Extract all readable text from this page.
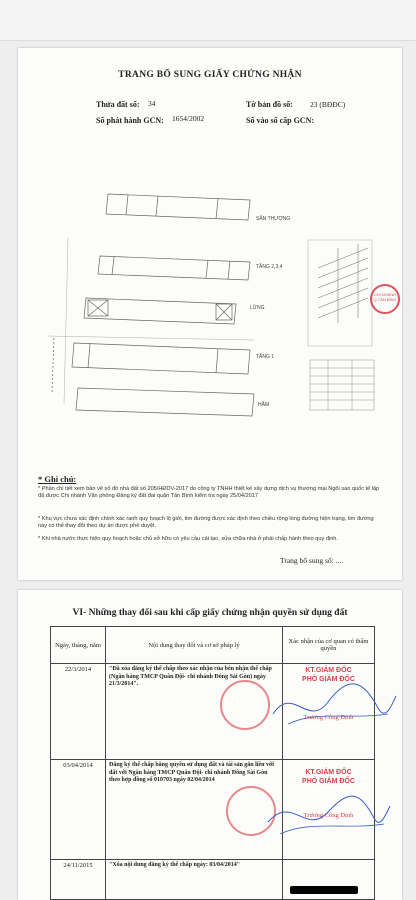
TRANG BỔ SUNG GIẤY CHỨNG NHẬN
Thửa đất số: 34	Tờ bản đồ số: 23 (BĐĐC)
Số phát hành GCN: 1654/2002	Số vào sổ cấp GCN:
SÂN THƯỢNG
TẦNG 2,3,4
LỬNG
TẦNG 1
HẦM
CHI NHÁNH Q.TÂN BÌNH
* Ghi chú:
* Phần chi tiết xem bản vẽ số đồ nhà đất số 205/HĐDV-2017 do công ty TNHH thiết kế xây dựng dịch vụ thương mại Ngôi sao quốc tế lập đã được Chi nhánh Văn phòng Đăng ký đất đai quận Tân Bình kiểm tra ngày 25/04/2017
* Khu vực chưa xác định chính xác ranh quy hoạch lộ giới, tim đường được xác định theo chiều rộng lòng đường hiện trạng, tim đường này có thể thay đổi theo dự án được phê duyệt.
* Khi nhà nước thực hiện quy hoạch hoặc chủ sở hữu có yêu cầu cải tạo, sửa chữa nhà ở phải chấp hành theo quy định.
Trang bổ sung số: ....
VI- Những thay đổi sau khi cấp giấy chứng nhận quyền sử dụng đất
Ngày, tháng, năm	Nội dung thay đổi và cơ sở pháp lý	Xác nhận của cơ quan có thẩm quyền
22/3/2014	"Đã xóa đăng ký thế chấp theo xác nhận của bên nhận thế chấp (Ngân hàng TMCP Quân Đội- chi nhánh Đông Sài Gòn) ngày 21/3/2014".	KT.GIÁM ĐỐC
PHÓ GIÁM ĐỐC
Trương Công Định

03/04/2014	Đăng ký thế chấp bằng quyền sử dụng đất và tài sản gắn liền với đất với Ngân hàng TMCP Quân Đội- chi nhánh Đông Sài Gòn theo hợp đồng số 010703 ngày 02/04/2014	KT.GIÁM ĐỐC
PHÓ GIÁM ĐỐC
Trương Công Định

24/11/2015	"Xóa nội dung đăng ký thế chấp ngày: 03/04/2014"	
